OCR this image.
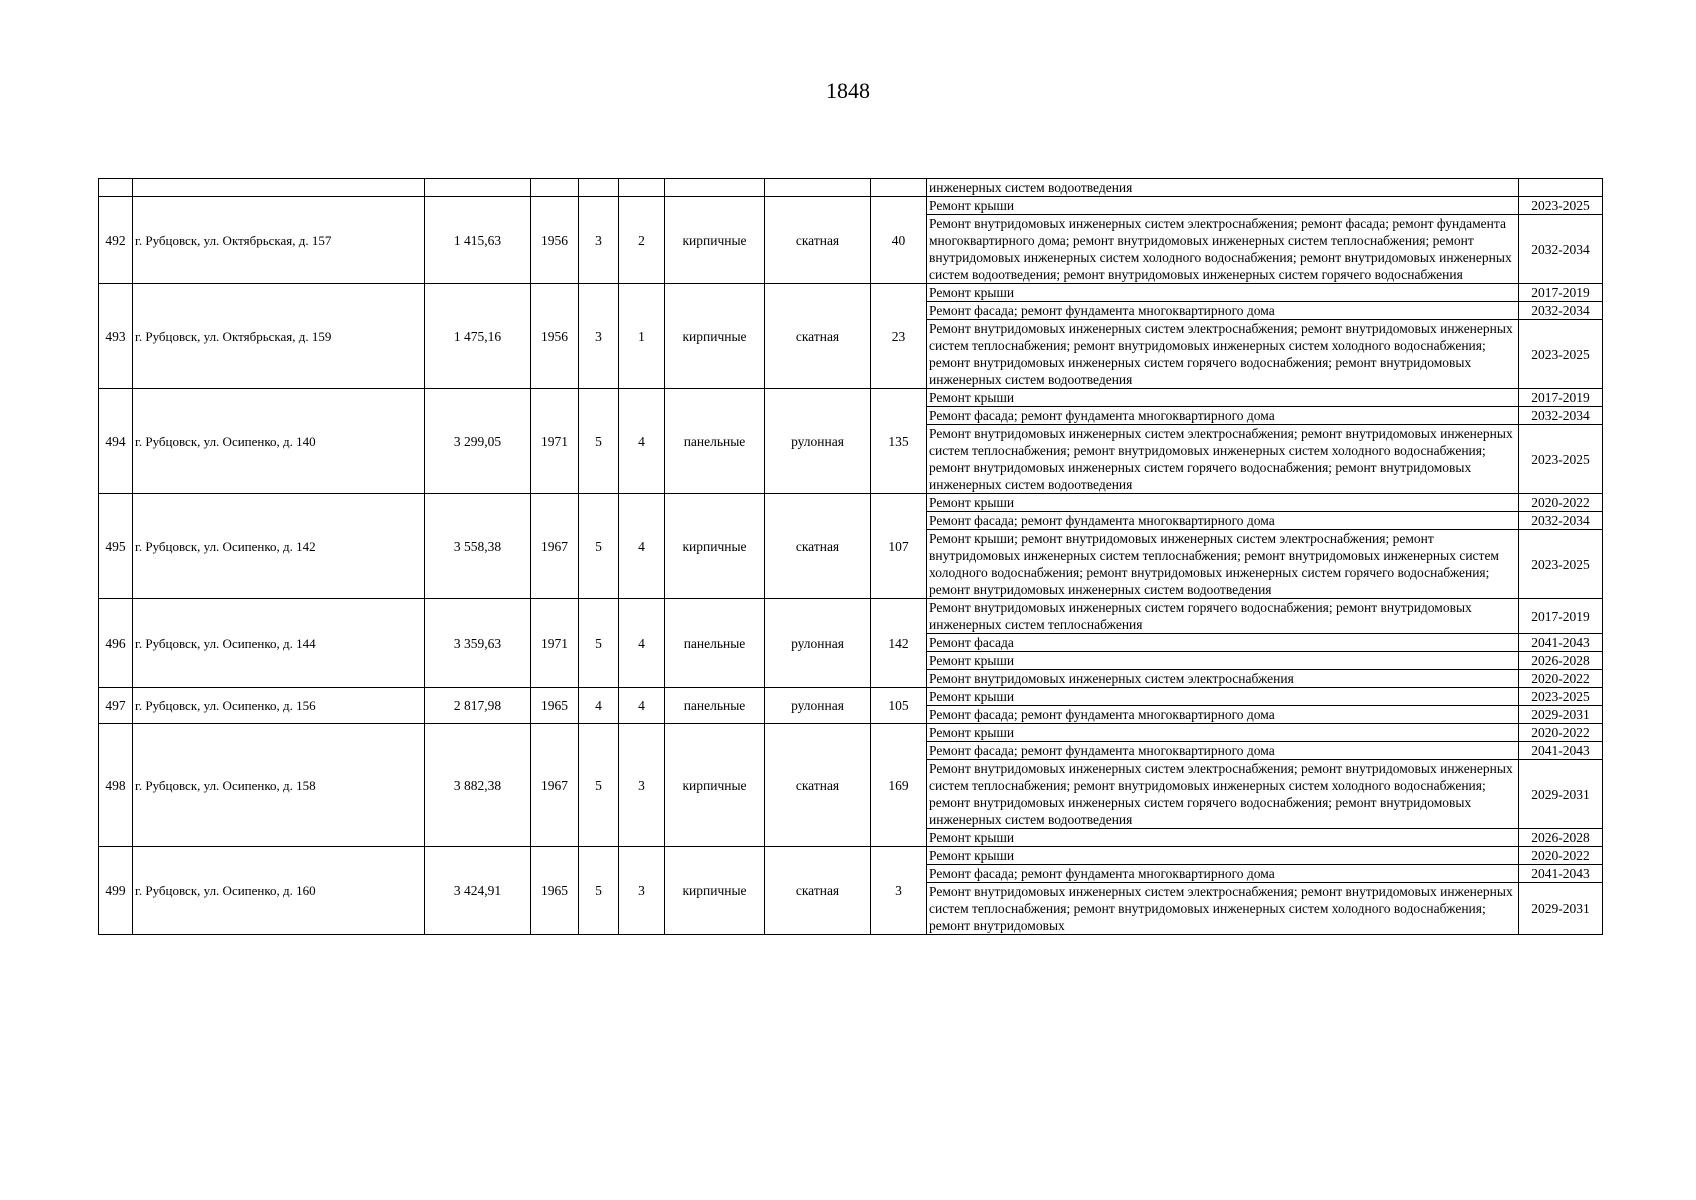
1848
									инженерных систем водоотведения	
492	г. Рубцовск, ул. Октябрьская, д. 157	1 415,63	1956	3	2	кирпичные	скатная	40	Ремонт крыши	2023-2025
									Ремонт внутридомовых инженерных систем электроснабжения; ремонт фасада; ремонт фундамента многоквартирного дома; ремонт внутридомовых инженерных систем теплоснабжения; ремонт внутридомовых инженерных систем холодного водоснабжения; ремонт внутридомовых инженерных систем водоотведения; ремонт внутридомовых инженерных систем горячего водоснабжения	2032-2034
493	г. Рубцовск, ул. Октябрьская, д. 159	1 475,16	1956	3	1	кирпичные	скатная	23	Ремонт крыши	2017-2019
									Ремонт фасада; ремонт фундамента многоквартирного дома	2032-2034
									Ремонт внутридомовых инженерных систем электроснабжения; ремонт внутридомовых инженерных систем теплоснабжения; ремонт внутридомовых инженерных систем холодного водоснабжения; ремонт внутридомовых инженерных систем горячего водоснабжения; ремонт внутридомовых инженерных систем водоотведения	2023-2025
494	г. Рубцовск, ул. Осипенко, д. 140	3 299,05	1971	5	4	панельные	рулонная	135	Ремонт крыши	2017-2019
									Ремонт фасада; ремонт фундамента многоквартирного дома	2032-2034
									Ремонт внутридомовых инженерных систем электроснабжения; ремонт внутридомовых инженерных систем теплоснабжения; ремонт внутридомовых инженерных систем холодного водоснабжения; ремонт внутридомовых инженерных систем горячего водоснабжения; ремонт внутридомовых инженерных систем водоотведения	2023-2025
495	г. Рубцовск, ул. Осипенко, д. 142	3 558,38	1967	5	4	кирпичные	скатная	107	Ремонт крыши	2020-2022
									Ремонт фасада; ремонт фундамента многоквартирного дома	2032-2034
									Ремонт крыши; ремонт внутридомовых инженерных систем электроснабжения; ремонт внутридомовых инженерных систем теплоснабжения; ремонт внутридомовых инженерных систем холодного водоснабжения; ремонт внутридомовых инженерных систем горячего водоснабжения; ремонт внутридомовых инженерных систем водоотведения	2023-2025
496	г. Рубцовск, ул. Осипенко, д. 144	3 359,63	1971	5	4	панельные	рулонная	142	Ремонт внутридомовых инженерных систем горячего водоснабжения; ремонт внутридомовых инженерных систем теплоснабжения	2017-2019
									Ремонт фасада	2041-2043
									Ремонт крыши	2026-2028
									Ремонт внутридомовых инженерных систем электроснабжения	2020-2022
497	г. Рубцовск, ул. Осипенко, д. 156	2 817,98	1965	4	4	панельные	рулонная	105	Ремонт крыши	2023-2025
									Ремонт фасада; ремонт фундамента многоквартирного дома	2029-2031
498	г. Рубцовск, ул. Осипенко, д. 158	3 882,38	1967	5	3	кирпичные	скатная	169	Ремонт крыши	2020-2022
									Ремонт фасада; ремонт фундамента многоквартирного дома	2041-2043
									Ремонт внутридомовых инженерных систем электроснабжения; ремонт внутридомовых инженерных систем теплоснабжения; ремонт внутридомовых инженерных систем холодного водоснабжения; ремонт внутридомовых инженерных систем горячего водоснабжения; ремонт внутридомовых инженерных систем водоотведения	2029-2031
									Ремонт крыши	2026-2028
499	г. Рубцовск, ул. Осипенко, д. 160	3 424,91	1965	5	3	кирпичные	скатная	3	Ремонт крыши	2020-2022
									Ремонт фасада; ремонт фундамента многоквартирного дома	2041-2043
									Ремонт внутридомовых инженерных систем электроснабжения; ремонт внутридомовых инженерных систем теплоснабжения; ремонт внутридомовых инженерных систем холодного водоснабжения; ремонт внутридомовых	2029-2031
